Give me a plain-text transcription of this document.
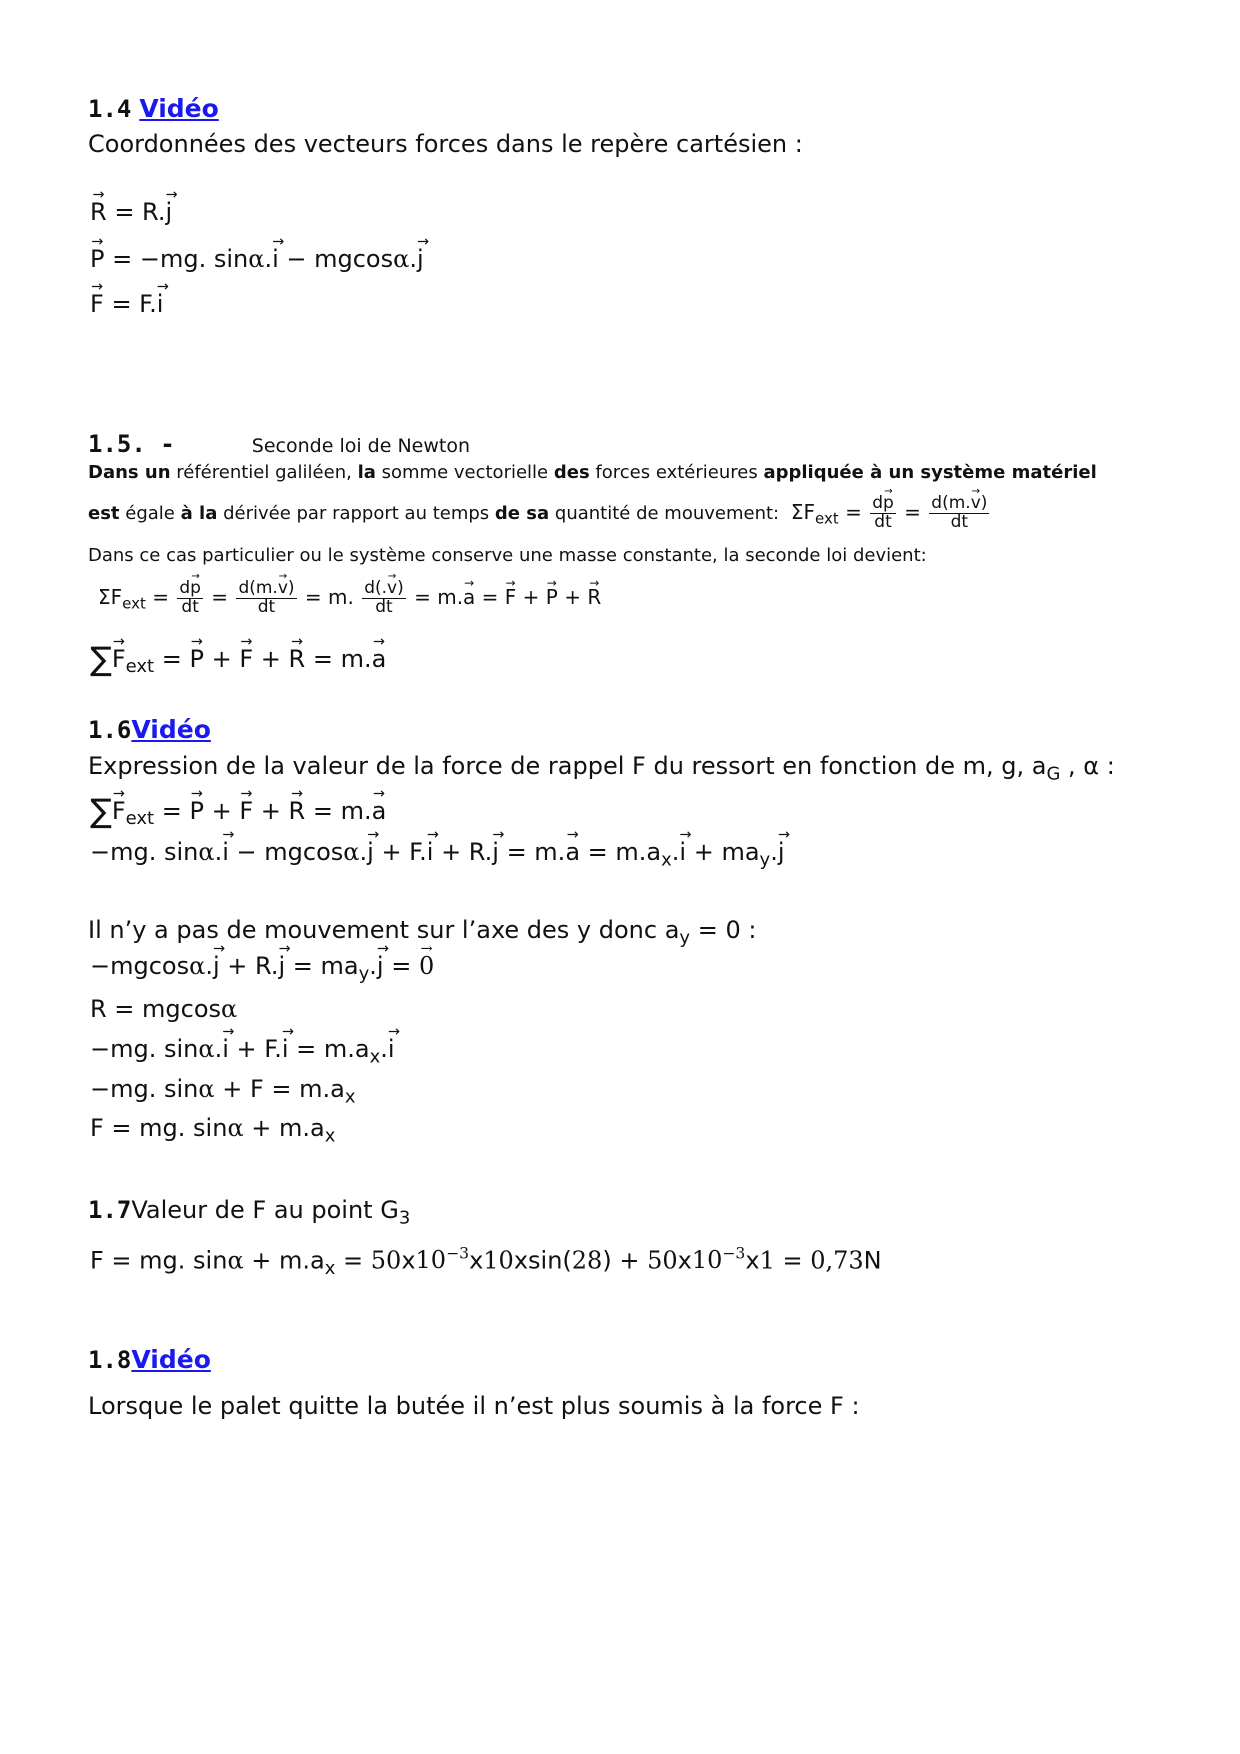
1.4 Vidéo
Coordonnées des vecteurs forces dans le repère cartésien :
→ R = R.→ j
→ P = −mg. sinα.→ i − mgcosα.→ j
→ F = F.→ i
1.5. -	Seconde loi de Newton
Dans un référentiel galiléen, la somme vectorielle des forces extérieures appliquée à un système matériel
est égale à la dérivée par rapport au temps de sa quantité de mouvement: $\Sigma F_{ext} = \frac{d\to p}{dt} = \frac{d(m.\to v)}{dt}$
Dans ce cas particulier ou le système conserve une masse constante, la seconde loi devient:
$\Sigma F_{ext} = \frac{d\to p}{dt} = \frac{d(m.\to v)}{dt} = m$. $\frac{d(.\to v)}{dt} = m.\to a$ = → F + → P + → R
∑→ $F_{ext}$ = → P + → F + → R = m.→ a
1.6Vidéo
Expression de la valeur de la force de rappel F du ressort en fonction de m, g, $a_G$ , α :
∑→ $F_{ext}$ = → P + → F + → R = m.→ a
−mg. $\sin\alpha.\to i - mgcos\alpha.\to j + F.\to i + R.\to j = m.\to a = m.a_x.\to i + ma_y.\to j$
Il n’y a pas de mouvement sur l’axe des y donc $a_y = 0$ :
$-mgcos\alpha.\to j + R.\to j = ma_y.\to j$ = → 0
R = mgcosα
−mg. $\sin\alpha.\to i + F.\to i = m.a_x.\to i$
−mg. $\sin\alpha + F = m.a_x$
F = mg. $\sin\alpha + m.a_x$
1.7Valeur de F au point $G_3$
F = mg. $\sin\alpha + m.a_x = 50x10^{-3}x10xsin(28) + 50x10^{-3}x1 = 0,73N$
1.8Vidéo
Lorsque le palet quitte la butée il n’est plus soumis à la force F :
